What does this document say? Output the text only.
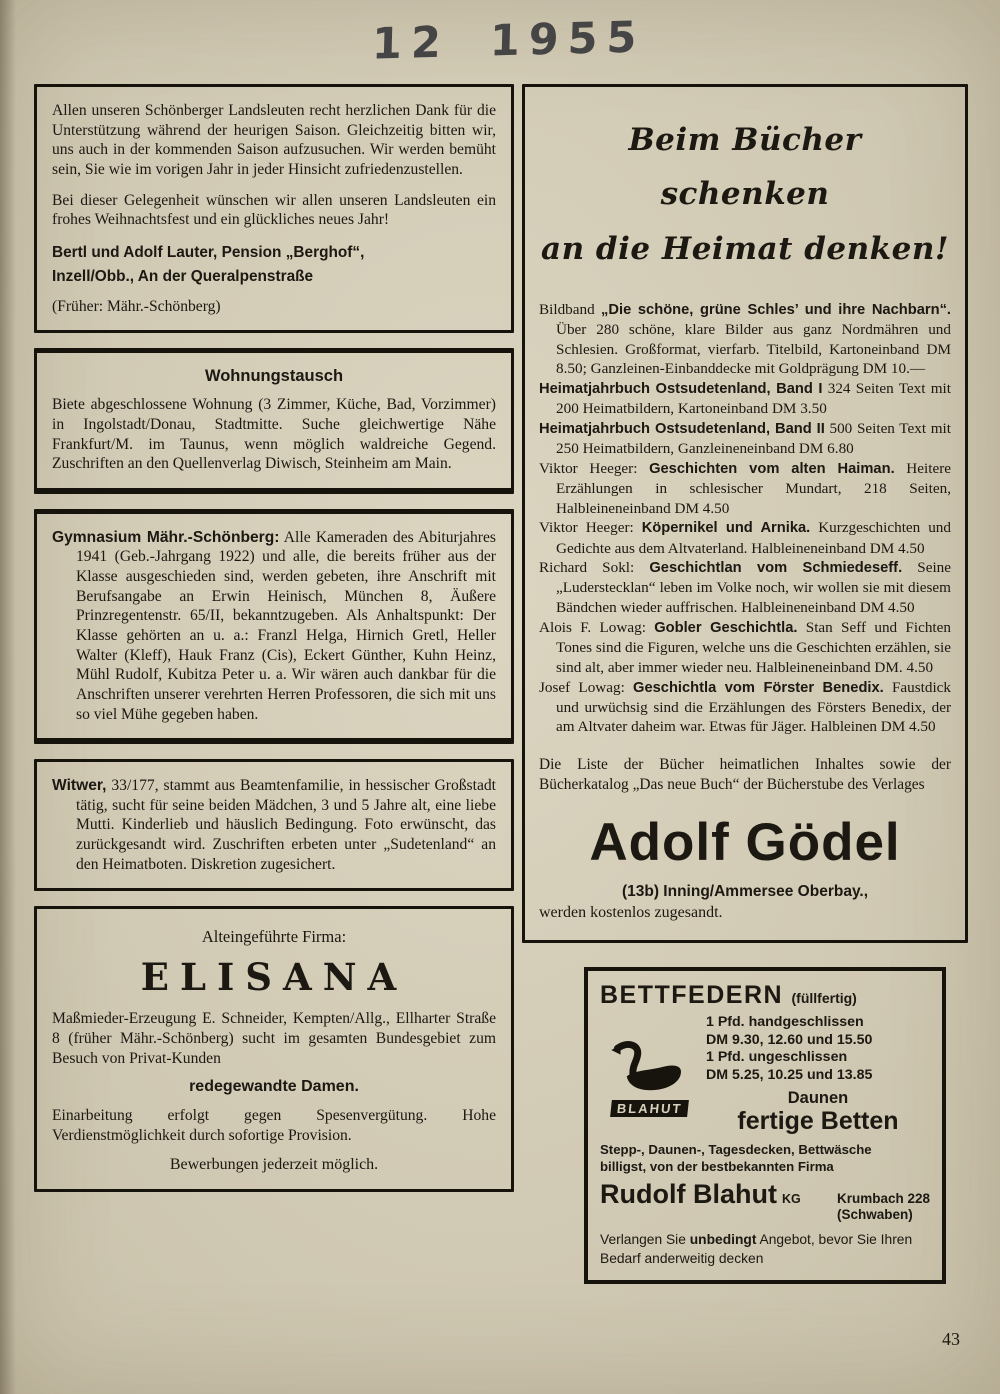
12 1955

Allen unseren Schönberger Landsleuten recht herzlichen Dank für die Unterstützung während der heurigen Saison. Gleichzeitig bitten wir, uns auch in der kommenden Saison aufzusuchen. Wir werden bemüht sein, Sie wie im vorigen Jahr in jeder Hinsicht zufriedenzustellen.

Bei dieser Gelegenheit wünschen wir allen unseren Landsleuten ein frohes Weihnachtsfest und ein glückliches neues Jahr!

Bertl und Adolf Lauter, Pension „Berghof“,
Inzell/Obb., An der Queralpenstraße

(Früher: Mähr.-Schönberg)

Wohnungstausch

Biete abgeschlossene Wohnung (3 Zimmer, Küche, Bad, Vorzimmer) in Ingolstadt/Donau, Stadtmitte. Suche gleichwertige Nähe Frankfurt/M. im Taunus, wenn möglich waldreiche Gegend. Zuschriften an den Quellenverlag Diwisch, Steinheim am Main.

Gymnasium Mähr.-Schönberg: Alle Kameraden des Abiturjahres 1941 (Geb.-Jahrgang 1922) und alle, die bereits früher aus der Klasse ausgeschieden sind, werden gebeten, ihre Anschrift mit Berufsangabe an Erwin Heinisch, München 8, Äußere Prinzregentenstr. 65/II, bekanntzugeben. Als Anhaltspunkt: Der Klasse gehörten an u. a.: Franzl Helga, Hirnich Gretl, Heller Walter (Kleff), Hauk Franz (Cis), Eckert Günther, Kuhn Heinz, Mühl Rudolf, Kubitza Peter u. a. Wir wären auch dankbar für die Anschriften unserer verehrten Herren Professoren, die sich mit uns so viel Mühe gegeben haben.

Witwer, 33/177, stammt aus Beamtenfamilie, in hessischer Großstadt tätig, sucht für seine beiden Mädchen, 3 und 5 Jahre alt, eine liebe Mutti. Kinderlieb und häuslich Bedingung. Foto erwünscht, das zurückgesandt wird. Zuschriften erbeten unter „Sudetenland“ an den Heimatboten. Diskretion zugesichert.

Alteingeführte Firma:

ELISANA

Maßmieder-Erzeugung E. Schneider, Kempten/Allg., Ellharter Straße 8 (früher Mähr.-Schönberg) sucht im gesamten Bundesgebiet zum Besuch von Privat-Kunden

redegewandte Damen.

Einarbeitung erfolgt gegen Spesenvergütung. Hohe Verdienstmöglichkeit durch sofortige Provision.

Bewerbungen jederzeit möglich.

Beim Bücher schenken
an die Heimat denken!

Bildband „Die schöne, grüne Schles’ und ihre Nachbarn“. Über 280 schöne, klare Bilder aus ganz Nordmähren und Schlesien. Großformat, vierfarb. Titelbild, Kartoneinband DM 8.50; Ganzleinen-Einbanddecke mit Goldprägung DM 10.—

Heimatjahrbuch Ostsudetenland, Band I 324 Seiten Text mit 200 Heimatbildern, Kartoneinband DM 3.50

Heimatjahrbuch Ostsudetenland, Band II 500 Seiten Text mit 250 Heimatbildern, Ganzleineneinband DM 6.80

Viktor Heeger: Geschichten vom alten Haiman. Heitere Erzählungen in schlesischer Mundart, 218 Seiten, Halbleineneinband DM 4.50

Viktor Heeger: Köpernikel und Arnika. Kurzgeschichten und Gedichte aus dem Altvaterland. Halbleineneinband DM 4.50

Richard Sokl: Geschichtlan vom Schmiedeseff. Seine „Luderstecklan“ leben im Volke noch, wir wollen sie mit diesem Bändchen wieder auffrischen. Halbleineneinband DM 4.50

Alois F. Lowag: Gobler Geschichtla. Stan Seff und Fichten Tones sind die Figuren, welche uns die Geschichten erzählen, sie sind alt, aber immer wieder neu. Halbleineneinband DM. 4.50

Josef Lowag: Geschichtla vom Förster Benedix. Faustdick und urwüchsig sind die Erzählungen des Försters Benedix, der am Altvater daheim war. Etwas für Jäger. Halbleinen DM 4.50

Die Liste der Bücher heimatlichen Inhaltes sowie der Bücherkatalog „Das neue Buch“ der Bücherstube des Verlages

Adolf Gödel

(13b) Inning/Ammersee Oberbay.,

werden kostenlos zugesandt.

BETTFEDERN (füllfertig)
BLAHUT
1 Pfd. handgeschlissen
DM 9.30, 12.60 und 15.50
1 Pfd. ungeschlissen
DM 5.25, 10.25 und 13.85
Daunen
fertige Betten
Stepp-, Daunen-, Tagesdecken, Bettwäsche
billigst, von der bestbekannten Firma
Rudolf Blahut KG	Krumbach 228
(Schwaben)

Verlangen Sie unbedingt Angebot, bevor Sie Ihren Bedarf anderweitig decken

43
